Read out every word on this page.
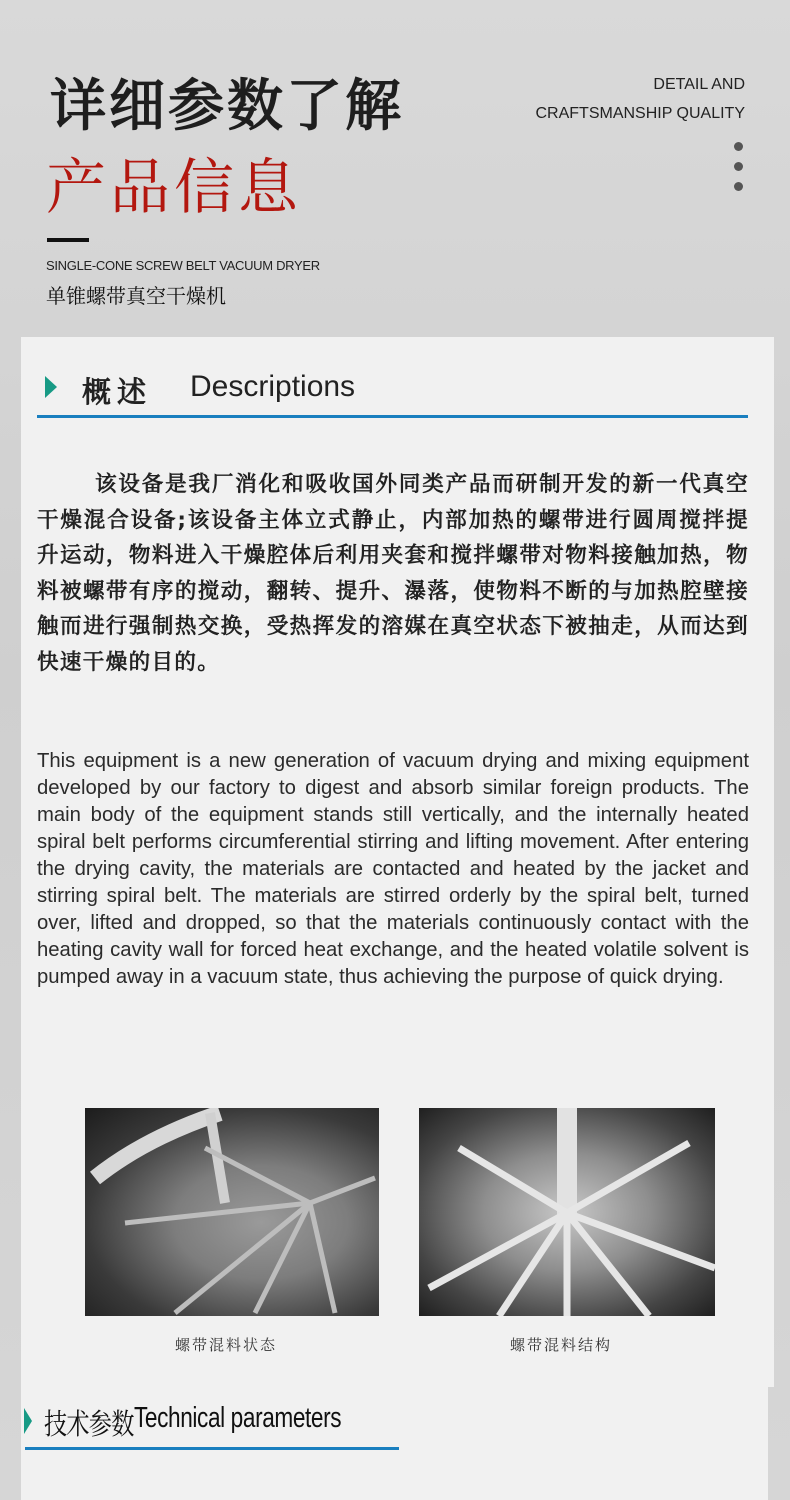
详细参数了解
产品信息
DETAIL AND
CRAFTSMANSHIP QUALITY
SINGLE-CONE SCREW BELT VACUUM DRYER
单锥螺带真空干燥机
概述 Descriptions
该设备是我厂消化和吸收国外同类产品而研制开发的新一代真空干燥混合设备;该设备主体立式静止，内部加热的螺带进行圆周搅拌提升运动，物料进入干燥腔体后利用夹套和搅拌螺带对物料接触加热，物料被螺带有序的搅动，翻转、提升、瀑落，使物料不断的与加热腔壁接触而进行强制热交换，受热挥发的溶媒在真空状态下被抽走，从而达到快速干燥的目的。
This equipment is a new generation of vacuum drying and mixing equipment developed by our factory to digest and absorb similar foreign products. The main body of the equipment stands still vertically, and the internally heated spiral belt performs circumferential stirring and lifting movement. After entering the drying cavity, the materials are contacted and heated by the jacket and stirring spiral belt. The materials are stirred orderly by the spiral belt, turned over, lifted and dropped, so that the materials continuously contact with the heating cavity wall for forced heat exchange, and the heated volatile solvent is pumped away in a vacuum state, thus achieving the purpose of quick drying.
螺带混料状态	螺带混料结构
技术参数 Technical parameters
